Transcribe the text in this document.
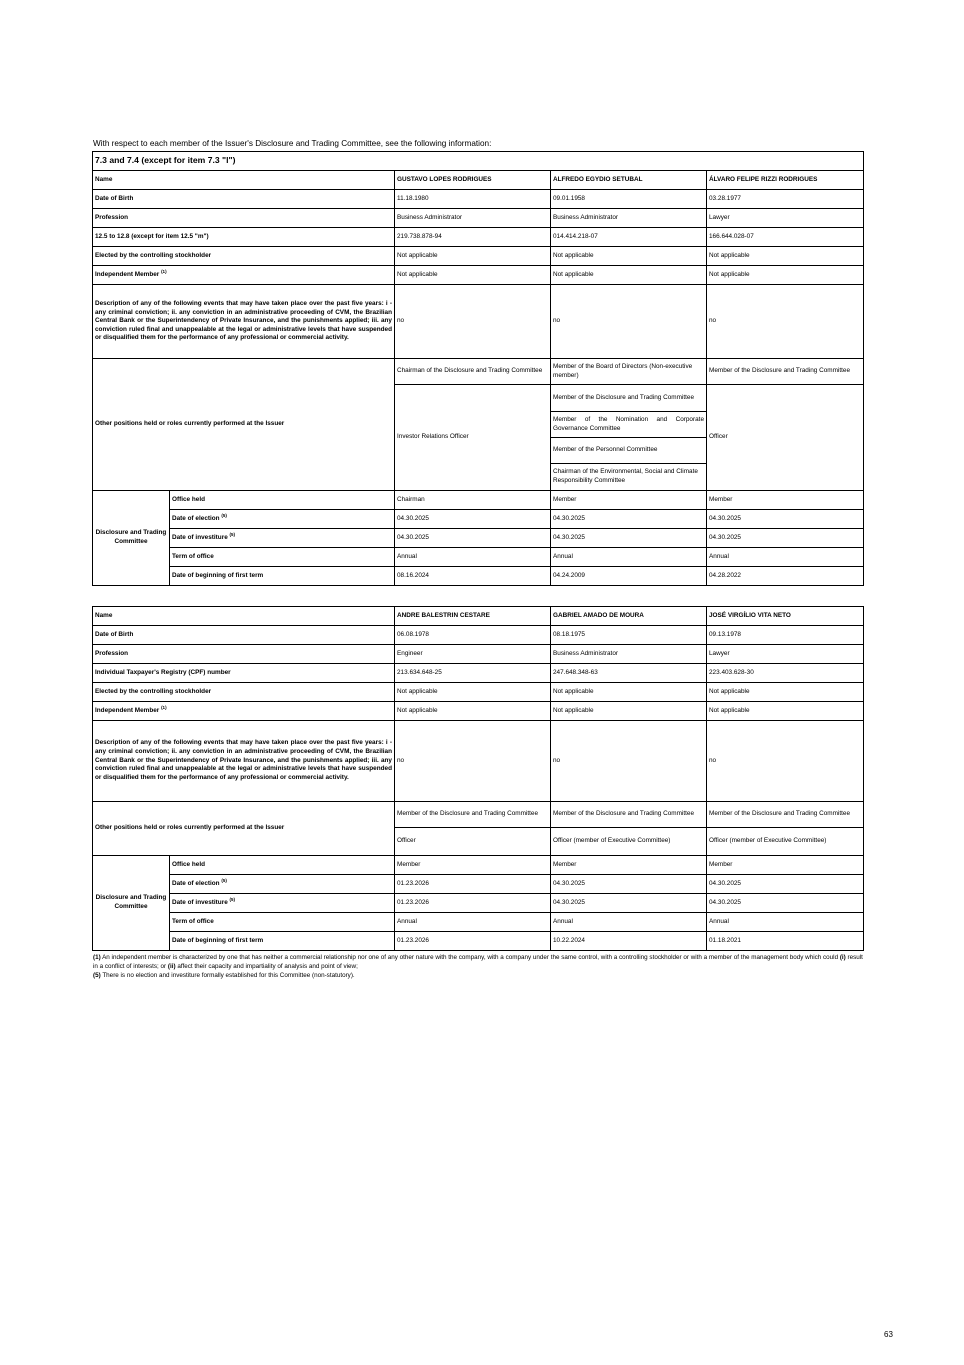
With respect to each member of the Issuer's Disclosure and Trading Committee, see the following information:
7.3 and 7.4 (except for item 7.3 "l")				
Name		GUSTAVO LOPES RODRIGUES	ALFREDO EGYDIO SETUBAL	ÁLVARO FELIPE RIZZI RODRIGUES
Date of Birth		11.18.1980	09.01.1958	03.28.1977
Profession		Business Administrator	Business Administrator	Lawyer
12.5 to 12.8 (except for item 12.5 "m")		219.738.878-94	014.414.218-07	166.644.028-07
Elected by the controlling stockholder		Not applicable	Not applicable	Not applicable
Independent Member $^{(1)}$		Not applicable	Not applicable	Not applicable
Description of any of the following events that may have taken place over the past five years: i - any criminal conviction; ii. any conviction in an administrative proceeding of CVM, the Brazilian Central Bank or the Superintendency of Private Insurance, and the punishments applied; iii. any conviction ruled final and unappealable at the legal or administrative levels that have suspended or disqualified them for the performance of any professional or commercial activity.		no	no	no
Other positions held or roles currently performed at the Issuer		Chairman of the Disclosure and Trading Committee	Member of the Board of Directors (Non-executive member)	Member of the Disclosure and Trading Committee
		Investor Relations Officer	Member of the Disclosure and Trading Committee	Officer
			Member of the Nomination and Corporate Governance Committee	
			Member of the Personnel Committee	
			Chairman of the Environmental, Social and Climate Responsibility Committee	
Disclosure and Trading Committee	Office held	Chairman	Member	Member
	Date of election $^{(5)}$	04.30.2025	04.30.2025	04.30.2025
	Date of investiture $^{(5)}$	04.30.2025	04.30.2025	04.30.2025
	Term of office	Annual	Annual	Annual
	Date of beginning of first term	08.16.2024	04.24.2009	04.28.2022
Name		ANDRE BALESTRIN CESTARE	GABRIEL AMADO DE MOURA	JOSÉ VIRGÍLIO VITA NETO
Date of Birth		06.08.1978	08.18.1975	09.13.1978
Profession		Engineer	Business Administrator	Lawyer
Individual Taxpayer's Registry (CPF) number		213.634.648-25	247.648.348-63	223.403.628-30
Elected by the controlling stockholder		Not applicable	Not applicable	Not applicable
Independent Member $^{(1)}$		Not applicable	Not applicable	Not applicable
Description of any of the following events that may have taken place over the past five years: i - any criminal conviction; ii. any conviction in an administrative proceeding of CVM, the Brazilian Central Bank or the Superintendency of Private Insurance, and the punishments applied; iii. any conviction ruled final and unappealable at the legal or administrative levels that have suspended or disqualified them for the performance of any professional or commercial activity.		no	no	no
Other positions held or roles currently performed at the Issuer		Member of the Disclosure and Trading Committee	Member of the Disclosure and Trading Committee	Member of the Disclosure and Trading Committee
		Officer	Officer (member of Executive Committee)	Officer (member of Executive Committee)
Disclosure and Trading Committee	Office held	Member	Member	Member
	Date of election $^{(5)}$	01.23.2026	04.30.2025	04.30.2025
	Date of investiture $^{(5)}$	01.23.2026	04.30.2025	04.30.2025
	Term of office	Annual	Annual	Annual
	Date of beginning of first term	01.23.2026	10.22.2024	01.18.2021
(1) An independent member is characterized by one that has neither a commercial relationship nor one of any other nature with the company, with a company under the same control, with a controlling stockholder or with a member of the management body which could (i) result in a conflict of interests; or (ii) affect their capacity and impartiality of analysis and point of view;
(5) There is no election and investiture formally established for this Committee (non-statutory).
63
